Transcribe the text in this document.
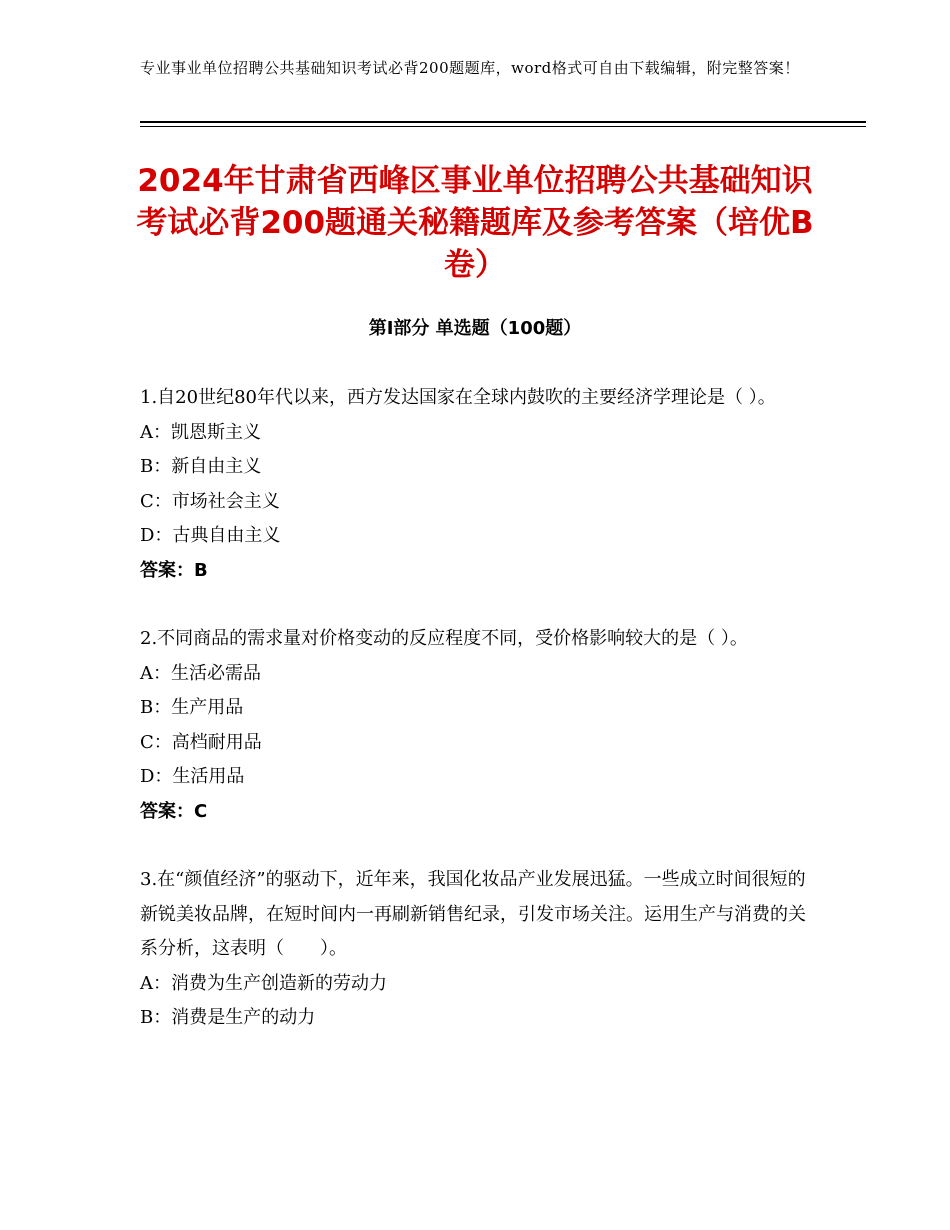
专业事业单位招聘公共基础知识考试必背200题题库，word格式可自由下载编辑，附完整答案！
2024年甘肃省西峰区事业单位招聘公共基础知识考试必背200题通关秘籍题库及参考答案（培优B卷）
第Ⅰ部分 单选题（100题）

1.自20世纪80年代以来，西方发达国家在全球内鼓吹的主要经济学理论是（ ）。

A：凯恩斯主义

B：新自由主义

C：市场社会主义

D：古典自由主义

答案：B

2.不同商品的需求量对价格变动的反应程度不同，受价格影响较大的是（ ）。

A：生活必需品

B：生产用品

C：高档耐用品

D：生活用品

答案：C

3.在“颜值经济”的驱动下，近年来，我国化妆品产业发展迅猛。一些成立时间很短的新锐美妆品牌，在短时间内一再刷新销售纪录，引发市场关注。运用生产与消费的关系分析，这表明（　　）。

A：消费为生产创造新的劳动力

B：消费是生产的动力
